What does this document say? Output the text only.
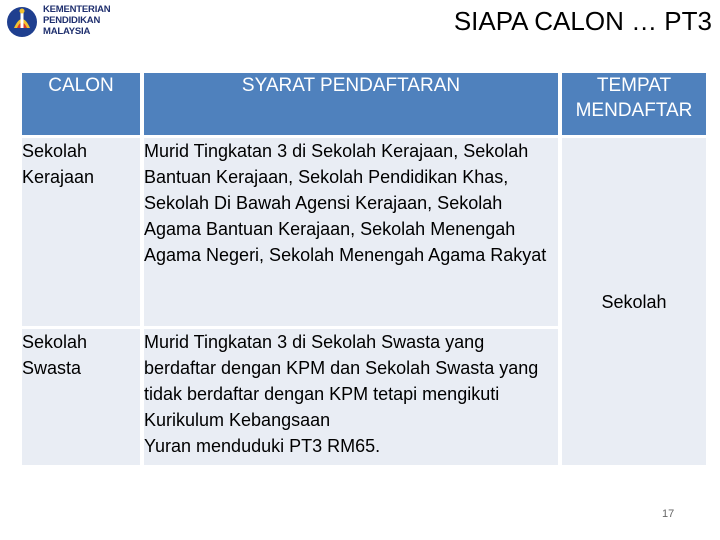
KEMENTERIAN
PENDIDIKAN
MALAYSIA	SIAPA CALON … PT3
CALON	SYARAT PENDAFTARAN	TEMPAT MENDAFTAR
Sekolah Kerajaan	Murid Tingkatan 3 di Sekolah Kerajaan, Sekolah Bantuan Kerajaan, Sekolah Pendidikan Khas, Sekolah Di Bawah Agensi Kerajaan, Sekolah Agama Bantuan Kerajaan, Sekolah Menengah Agama Negeri, Sekolah Menengah Agama Rakyat	Sekolah
Sekolah Swasta	Murid Tingkatan 3 di Sekolah Swasta yang berdaftar dengan KPM dan Sekolah Swasta yang tidak berdaftar dengan KPM tetapi mengikuti Kurikulum Kebangsaan
Yuran menduduki PT3 RM65.	
17
